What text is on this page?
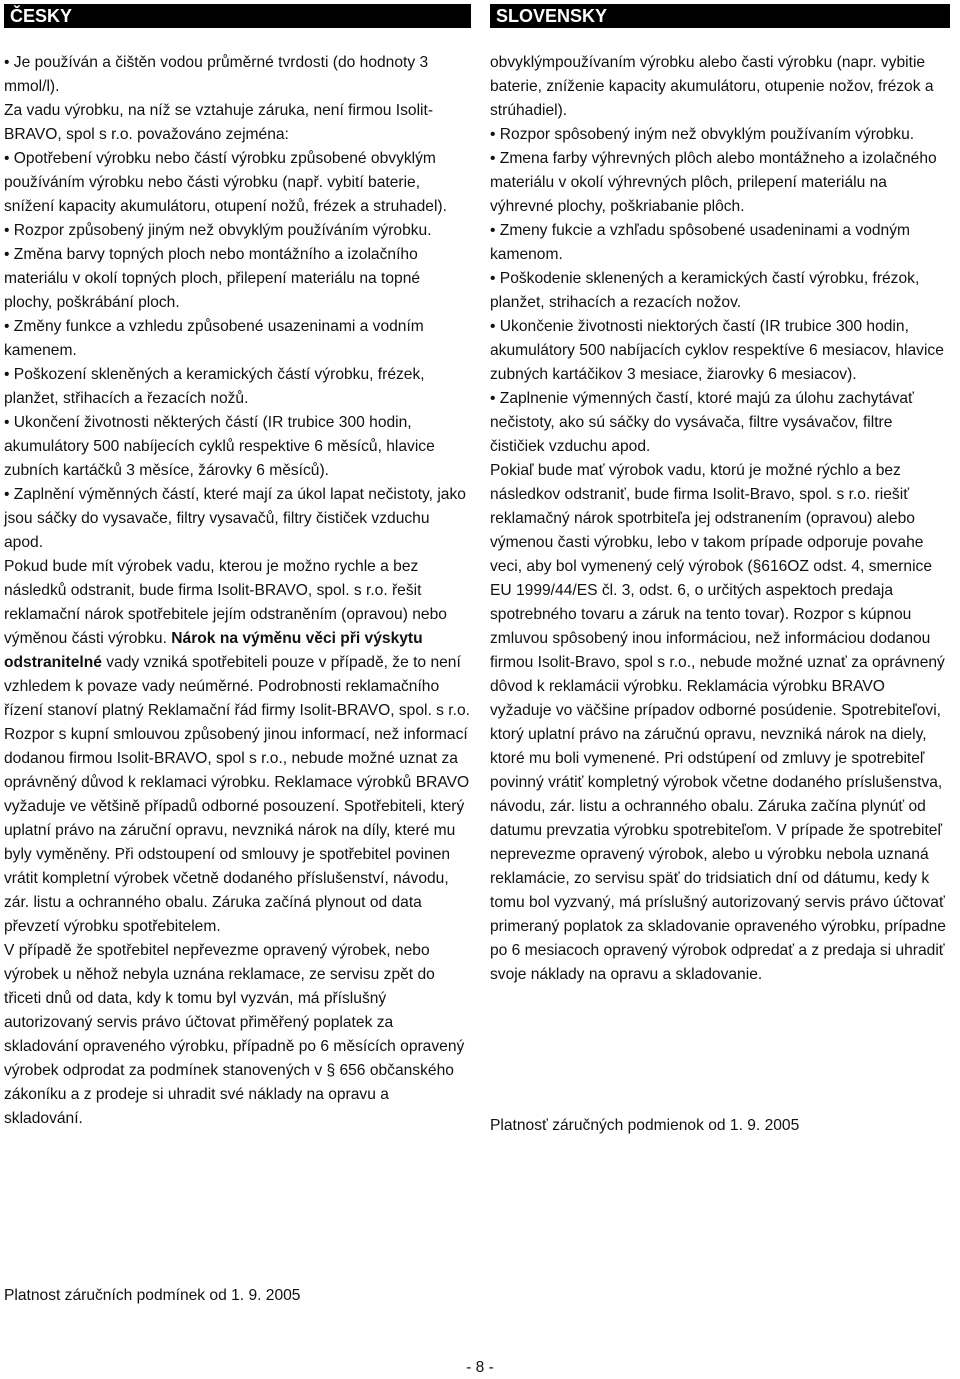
ČESKY

• Je používán a čištěn vodou průměrné tvrdosti (do hodnoty 3 mmol/l).

Za vadu výrobku, na níž se vztahuje záruka, není firmou Isolit-BRAVO, spol s r.o. považováno zejména:

• Opotřebení výrobku nebo částí výrobku způsobené obvyklým používáním výrobku nebo části výrobku (např. vybití baterie, snížení kapacity akumulátoru, otupení nožů, frézek a struhadel).

• Rozpor způsobený jiným než obvyklým používáním výrobku.

• Změna barvy topných ploch nebo montážního a izolačního materiálu v okolí topných ploch, přilepení materiálu na topné plochy, poškrábání ploch.

• Změny funkce a vzhledu způsobené usazeninami a vodním kamenem.

• Poškození skleněných a keramických částí výrobku, frézek, planžet, střihacích a řezacích nožů.

• Ukončení životnosti některých částí (IR trubice 300 hodin, akumulátory 500 nabíjecích cyklů respektive 6 měsíců, hlavice zubních kartáčků 3 měsíce, žárovky 6 měsíců).

• Zaplnění výměnných částí, které mají za úkol lapat nečistoty, jako jsou sáčky do vysavače, filtry vysavačů, filtry čističek vzduchu apod.

Pokud bude mít výrobek vadu, kterou je možno rychle a bez následků odstranit, bude firma Isolit-BRAVO, spol. s r.o. řešit reklamační nárok spotřebitele jejím odstraněním (opravou) nebo výměnou části výrobku. Nárok na výměnu věci při výskytu odstranitelné vady vzniká spotřebiteli pouze v případě, že to není vzhledem k povaze vady neúměrné. Podrobnosti reklamačního řízení stanoví platný Reklamační řád firmy Isolit-BRAVO, spol. s r.o. Rozpor s kupní smlouvou způsobený jinou informací, než informací dodanou firmou Isolit-BRAVO, spol s r.o., nebude možné uznat za oprávněný důvod k reklamaci výrobku. Reklamace výrobků BRAVO vyžaduje ve většině případů odborné posouzení. Spotřebiteli, který uplatní právo na záruční opravu, nevzniká nárok na díly, které mu byly vyměněny. Při odstoupení od smlouvy je spotřebitel povinen vrátit kompletní výrobek včetně dodaného příslušenství, návodu, zár. listu a ochranného obalu. Záruka začíná plynout od data převzetí výrobku spotřebitelem.

V případě že spotřebitel nepřevezme opravený výrobek, nebo výrobek u něhož nebyla uznána reklamace, ze servisu zpět do třiceti dnů od data, kdy k tomu byl vyzván, má příslušný autorizovaný servis právo účtovat přiměřený poplatek za skladování opraveného výrobku, případně po 6 měsících opravený výrobek odprodat za podmínek stanovených v § 656 občanského zákoníku a z prodeje si uhradit své náklady na opravu a skladování.

Platnost záručních podmínek od 1. 9. 2005
SLOVENSKY

obvyklýmpoužívaním výrobku alebo časti výrobku (napr. vybitie baterie, zníženie kapacity akumulátoru, otupenie nožov, frézok a strúhadiel).

• Rozpor spôsobený iným než obvyklým používaním výrobku.

• Zmena farby výhrevných plôch alebo montážneho a izolačného materiálu v okolí výhrevných plôch, prilepení materiálu na výhrevné plochy, poškriabanie plôch.

• Zmeny fukcie a vzhľadu spôsobené usadeninami a vodným kamenom.

• Poškodenie sklenených a keramických častí výrobku, frézok, planžet, strihacích a rezacích nožov.

• Ukončenie životnosti niektorých častí (IR trubice 300 hodin, akumulátory 500 nabíjacích cyklov respektíve 6 mesiacov, hlavice zubných kartáčikov 3 mesiace, žiarovky 6 mesiacov).

• Zaplnenie výmenných častí, ktoré majú za úlohu zachytávať nečistoty, ako sú sáčky do vysávača, filtre vysávačov, filtre čističiek vzduchu apod.

Pokiaľ bude mať výrobok vadu, ktorú je možné rýchlo a bez následkov odstraniť, bude firma Isolit-Bravo, spol. s r.o. riešiť reklamačný nárok spotrbiteľa jej odstranením (opravou) alebo výmenou časti výrobku, lebo v takom prípade odporuje povahe veci, aby bol vymenený celý výrobok (§616OZ odst. 4, smernice EU 1999/44/ES čl. 3, odst. 6, o určitých aspektoch predaja spotrebného tovaru a záruk na tento tovar). Rozpor s kúpnou zmluvou spôsobený inou informáciou, než informáciou dodanou firmou Isolit-Bravo, spol s r.o., nebude možné uznať za oprávnený dôvod k reklamácii výrobku. Reklamácia výrobku BRAVO vyžaduje vo väčšine prípadov odborné posúdenie. Spotrebiteľovi, ktorý uplatní právo na záručnú opravu, nevzniká nárok na diely, ktoré mu boli vymenené. Pri odstúpení od zmluvy je spotrebiteľ povinný vrátiť kompletný výrobok včetne dodaného príslušenstva, návodu, zár. listu a ochranného obalu. Záruka začína plynúť od datumu prevzatia výrobku spotrebiteľom. V prípade že spotrebiteľ neprevezme opravený výrobok, alebo u výrobku nebola uznaná reklamácie, zo servisu späť do tridsiatich dní od dátumu, kedy k tomu bol vyzvaný, má príslušný autorizovaný servis právo účtovať primeraný poplatok za skladovanie opraveného výrobku, prípadne po 6 mesiacoch opravený výrobok odpredať a z predaja si uhradiť svoje náklady na opravu a skladovanie.

Platnosť záručných podmienok od 1. 9. 2005
- 8 -
